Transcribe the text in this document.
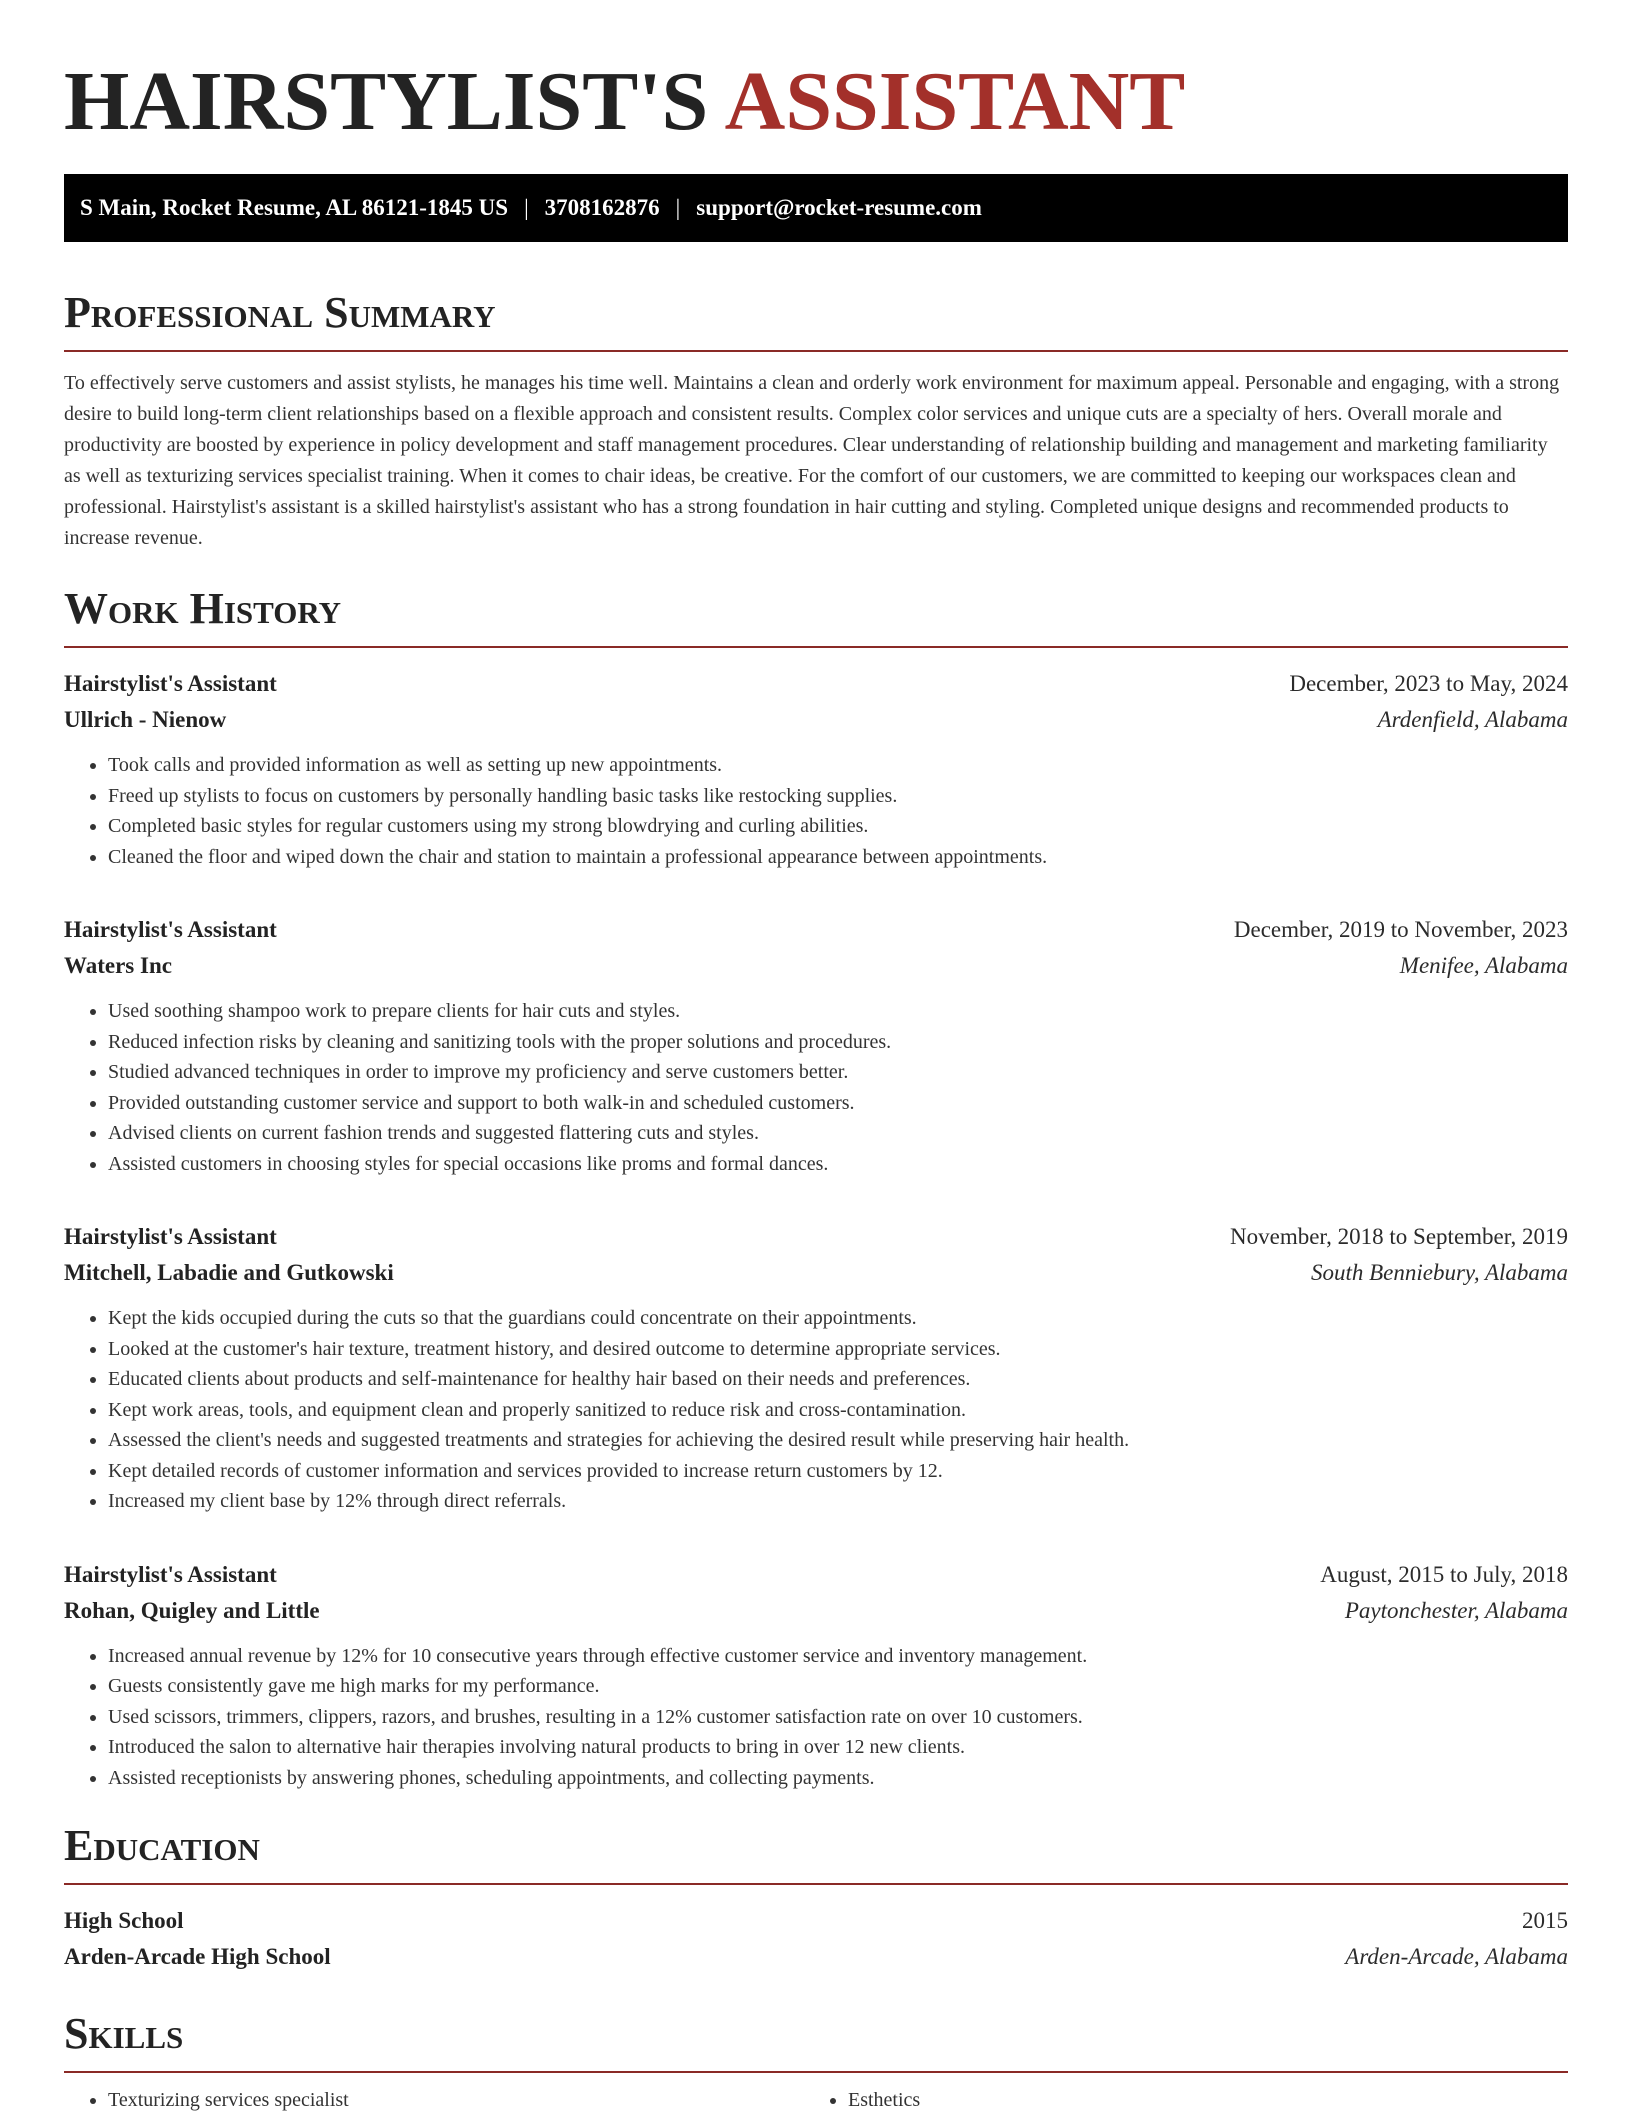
HAIRSTYLIST'S ASSISTANT
S Main, Rocket Resume, AL 86121-1845 US | 3708162876 | support@rocket-resume.com
Professional Summary

To effectively serve customers and assist stylists, he manages his time well. Maintains a clean and orderly work environment for maximum appeal. Personable and engaging, with a strong desire to build long-term client relationships based on a flexible approach and consistent results. Complex color services and unique cuts are a specialty of hers. Overall morale and productivity are boosted by experience in policy development and staff management procedures. Clear understanding of relationship building and management and marketing familiarity as well as texturizing services specialist training. When it comes to chair ideas, be creative. For the comfort of our customers, we are committed to keeping our workspaces clean and professional. Hairstylist's assistant is a skilled hairstylist's assistant who has a strong foundation in hair cutting and styling. Completed unique designs and recommended products to increase revenue.

Work History
Hairstylist's Assistant	December, 2023 to May, 2024
Ullrich - Nienow	Ardenfield, Alabama
• Took calls and provided information as well as setting up new appointments.
• Freed up stylists to focus on customers by personally handling basic tasks like restocking supplies.
• Completed basic styles for regular customers using my strong blowdrying and curling abilities.
• Cleaned the floor and wiped down the chair and station to maintain a professional appearance between appointments.
Hairstylist's Assistant	December, 2019 to November, 2023
Waters Inc	Menifee, Alabama
• Used soothing shampoo work to prepare clients for hair cuts and styles.
• Reduced infection risks by cleaning and sanitizing tools with the proper solutions and procedures.
• Studied advanced techniques in order to improve my proficiency and serve customers better.
• Provided outstanding customer service and support to both walk-in and scheduled customers.
• Advised clients on current fashion trends and suggested flattering cuts and styles.
• Assisted customers in choosing styles for special occasions like proms and formal dances.
Hairstylist's Assistant	November, 2018 to September, 2019
Mitchell, Labadie and Gutkowski	South Benniebury, Alabama
• Kept the kids occupied during the cuts so that the guardians could concentrate on their appointments.
• Looked at the customer's hair texture, treatment history, and desired outcome to determine appropriate services.
• Educated clients about products and self-maintenance for healthy hair based on their needs and preferences.
• Kept work areas, tools, and equipment clean and properly sanitized to reduce risk and cross-contamination.
• Assessed the client's needs and suggested treatments and strategies for achieving the desired result while preserving hair health.
• Kept detailed records of customer information and services provided to increase return customers by 12.
• Increased my client base by 12% through direct referrals.
Hairstylist's Assistant	August, 2015 to July, 2018
Rohan, Quigley and Little	Paytonchester, Alabama
• Increased annual revenue by 12% for 10 consecutive years through effective customer service and inventory management.
• Guests consistently gave me high marks for my performance.
• Used scissors, trimmers, clippers, razors, and brushes, resulting in a 12% customer satisfaction rate on over 10 customers.
• Introduced the salon to alternative hair therapies involving natural products to bring in over 12 new clients.
• Assisted receptionists by answering phones, scheduling appointments, and collecting payments.
Education
High School	2015
Arden-Arcade High School	Arden-Arcade, Alabama
Skills
• Texturizing services specialist
•	Esthetics
